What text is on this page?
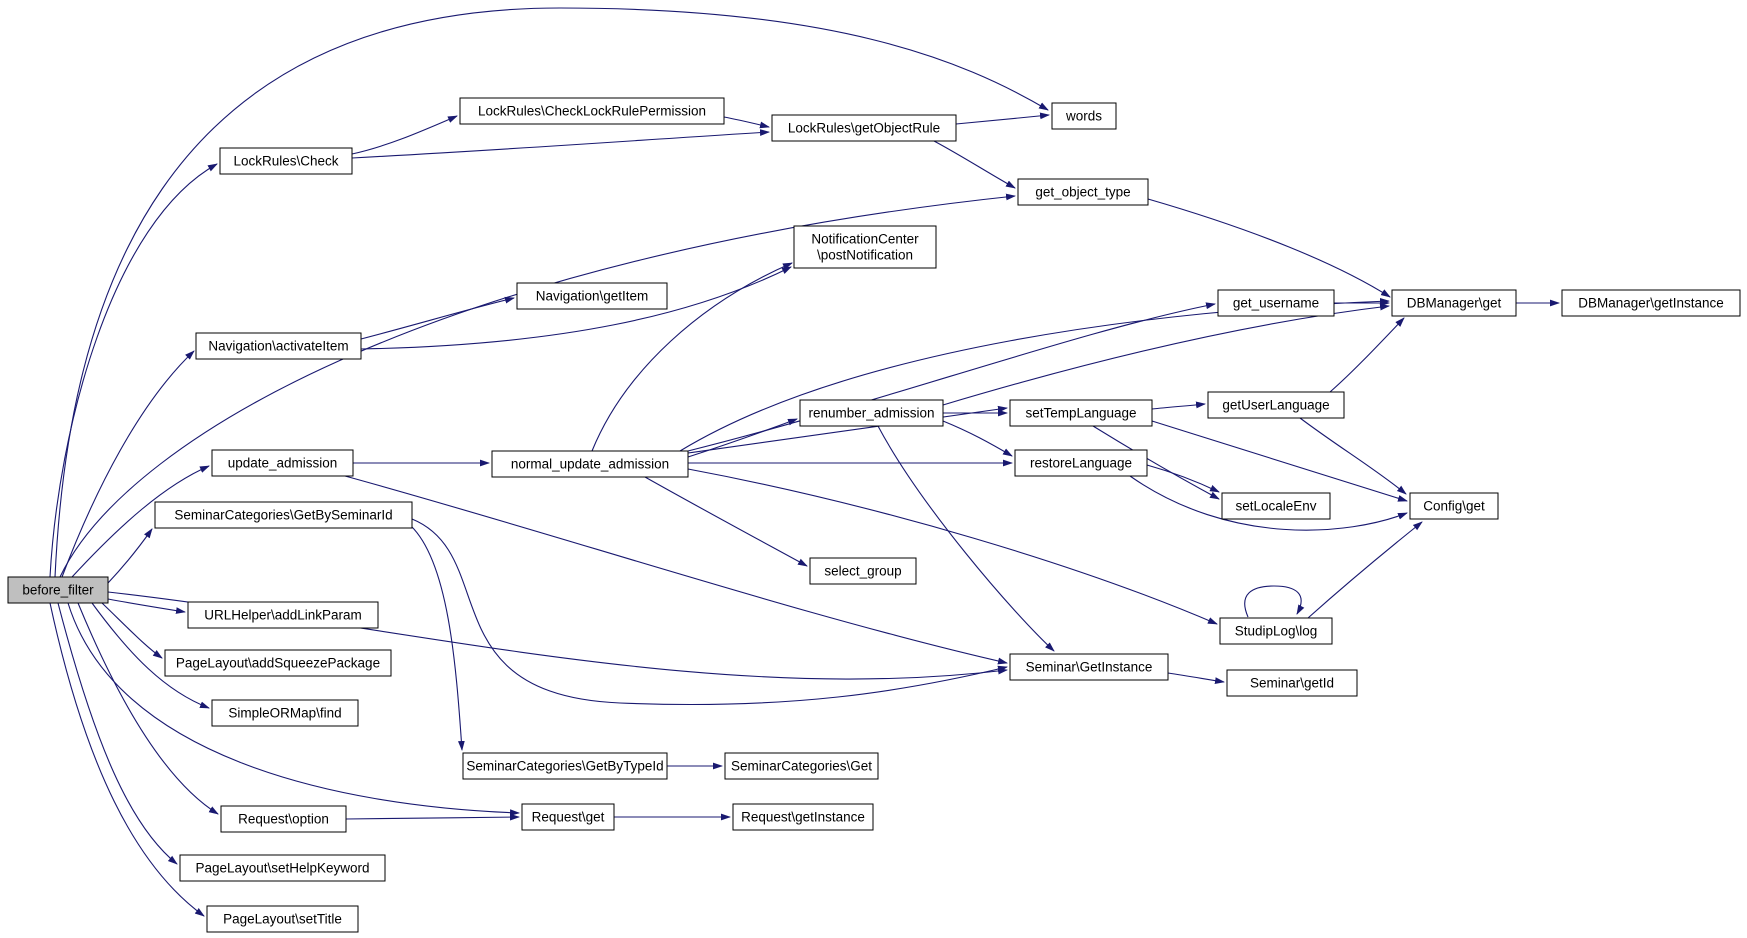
before_filter
LockRules\Check
LockRules\CheckLockRulePermission
LockRules\getObjectRule
words
get_object_type
NotificationCenter \postNotification
Navigation\getItem
Navigation\activateItem
get_username	DBManager\get	DBManager\getInstance
renumber_admission	setTempLanguage
getUserLanguage
update_admission	normal_update_admission	restoreLanguage
setLocaleEnv	Config\get
SeminarCategories\GetBySeminarId
select_group
URLHelper\addLinkParam
PageLayout\addSqueezePackage
StudipLog\log
SimpleORMap\find
Seminar\GetInstance
Seminar\getId
SeminarCategories\GetByTypeId	SeminarCategories\Get
Request\option	Request\get	Request\getInstance
PageLayout\setHelpKeyword
PageLayout\setTitle
